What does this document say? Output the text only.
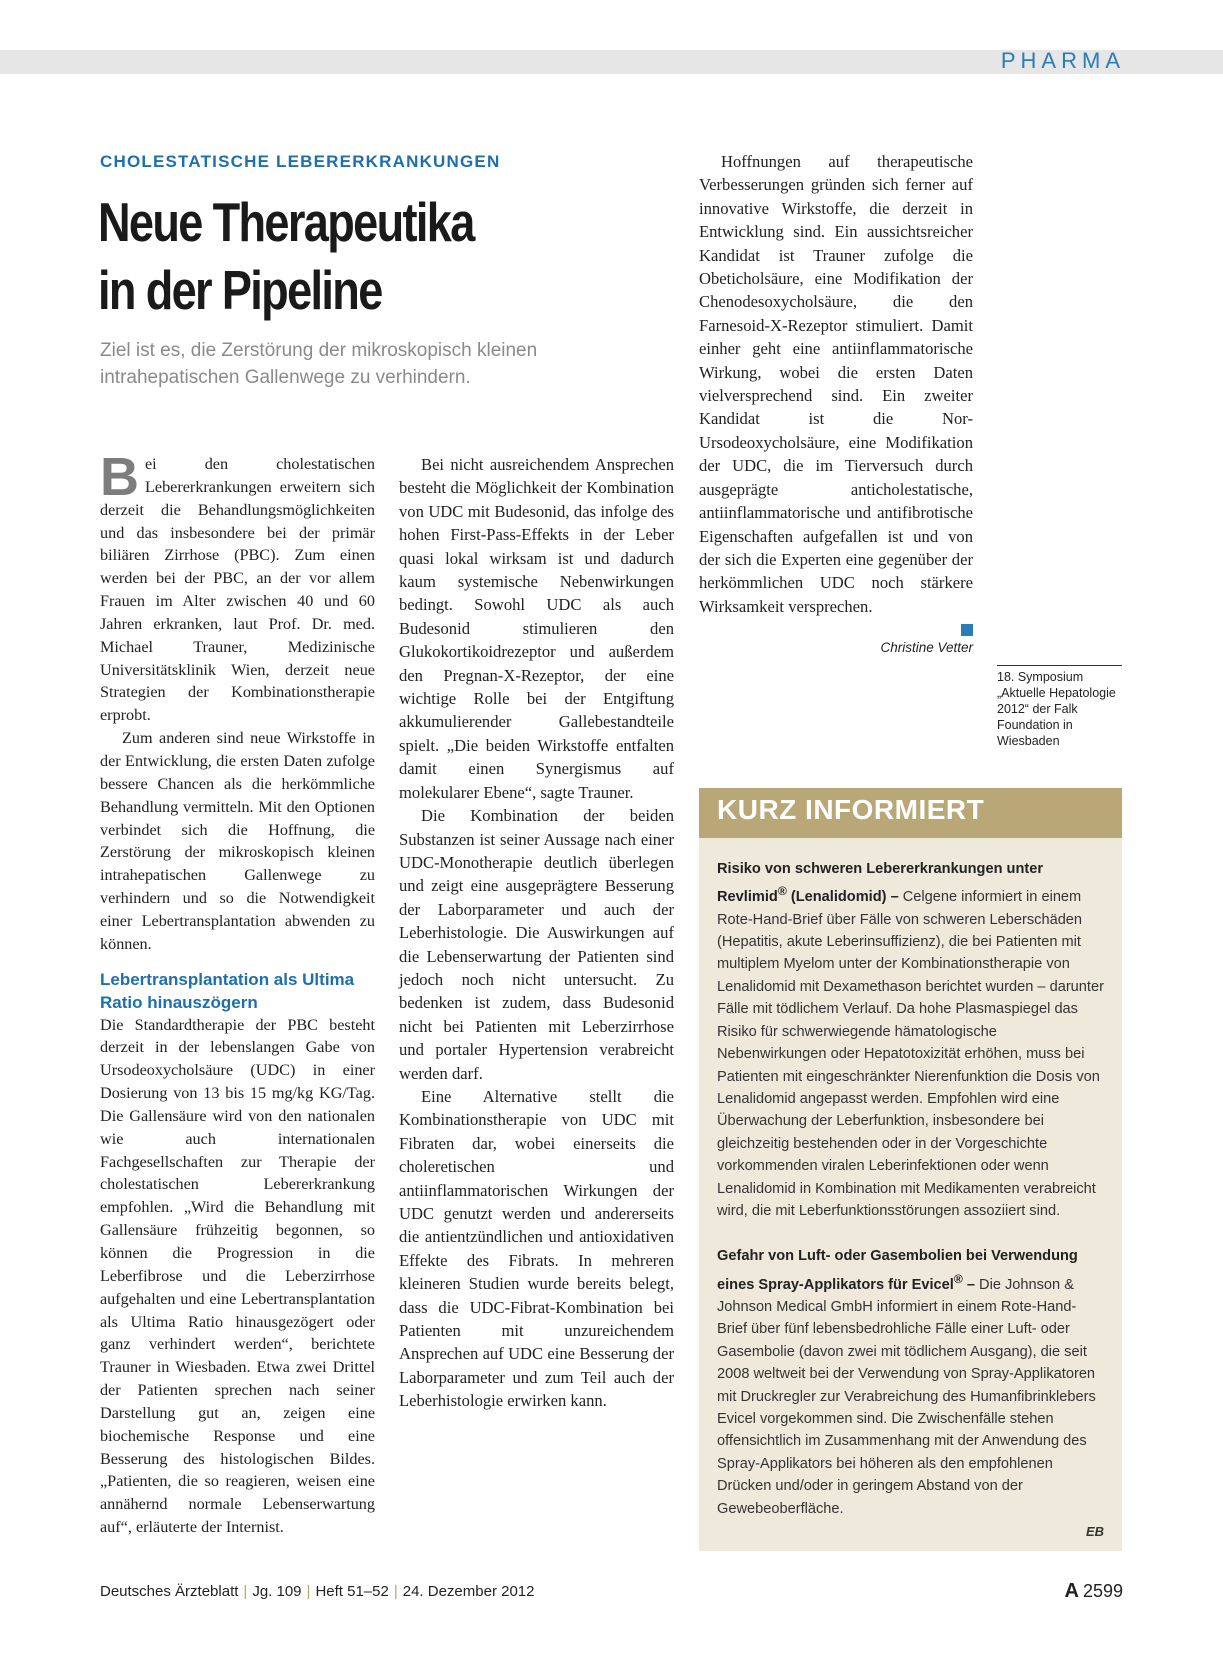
PHARMA
CHOLESTATISCHE LEBERERKRANKUNGEN
Neue Therapeutika
in der Pipeline
Ziel ist es, die Zerstörung der mikroskopisch kleinen intrahepatischen Gallenwege zu verhindern.

Bei den cholestatischen Lebererkrankungen erweitern sich derzeit die Behandlungsmöglichkeiten und das insbesondere bei der primär biliären Zirrhose (PBC). Zum einen werden bei der PBC, an der vor allem Frauen im Alter zwischen 40 und 60 Jahren erkranken, laut Prof. Dr. med. Michael Trauner, Medizinische Universitätsklinik Wien, derzeit neue Strategien der Kombinationstherapie erprobt.

Zum anderen sind neue Wirkstoffe in der Entwicklung, die ersten Daten zufolge bessere Chancen als die herkömmliche Behandlung vermitteln. Mit den Optionen verbindet sich die Hoffnung, die Zerstörung der mikroskopisch kleinen intrahepatischen Gallenwege zu verhindern und so die Notwendigkeit einer Lebertransplantation abwenden zu können.

Lebertransplantation als Ultima Ratio hinauszögern

Die Standardtherapie der PBC besteht derzeit in der lebenslangen Gabe von Ursodeoxycholsäure (UDC) in einer Dosierung von 13 bis 15 mg/kg KG/Tag. Die Gallensäure wird von den nationalen wie auch internationalen Fachgesellschaften zur Therapie der cholestatischen Lebererkrankung empfohlen. „Wird die Behandlung mit Gallensäure frühzeitig begonnen, so können die Progression in die Leberfibrose und die Leberzirrhose aufgehalten und eine Lebertransplantation als Ultima Ratio hinausgezögert oder ganz verhindert werden“, berichtete Trauner in Wiesbaden. Etwa zwei Drittel der Patienten sprechen nach seiner Darstellung gut an, zeigen eine biochemische Response und eine Besserung des histologischen Bildes. „Patienten, die so reagieren, weisen eine annähernd normale Lebenserwartung auf“, erläuterte der Internist.

Bei nicht ausreichendem Ansprechen besteht die Möglichkeit der Kombination von UDC mit Budesonid, das infolge des hohen First-Pass-Effekts in der Leber quasi lokal wirksam ist und dadurch kaum systemische Nebenwirkungen bedingt. Sowohl UDC als auch Budesonid stimulieren den Glukokortikoidrezeptor und außerdem den Pregnan-X-Rezeptor, der eine wichtige Rolle bei der Entgiftung akkumulierender Gallebestandteile spielt. „Die beiden Wirkstoffe entfalten damit einen Synergismus auf molekularer Ebene“, sagte Trauner.

Die Kombination der beiden Substanzen ist seiner Aussage nach einer UDC-Monotherapie deutlich überlegen und zeigt eine ausgeprägtere Besserung der Laborparameter und auch der Leberhistologie. Die Auswirkungen auf die Lebenserwartung der Patienten sind jedoch noch nicht untersucht. Zu bedenken ist zudem, dass Budesonid nicht bei Patienten mit Leberzirrhose und portaler Hypertension verabreicht werden darf.

Eine Alternative stellt die Kombinationstherapie von UDC mit Fibraten dar, wobei einerseits die choleretischen und antiinflammatorischen Wirkungen der UDC genutzt werden und andererseits die antientzündlichen und antioxidativen Effekte des Fibrats. In mehreren kleineren Studien wurde bereits belegt, dass die UDC-Fibrat-Kombination bei Patienten mit unzureichendem Ansprechen auf UDC eine Besserung der Laborparameter und zum Teil auch der Leberhistologie erwirken kann.

Hoffnungen auf therapeutische Verbesserungen gründen sich ferner auf innovative Wirkstoffe, die derzeit in Entwicklung sind. Ein aussichtsreicher Kandidat ist Trauner zufolge die Obeticholsäure, eine Modifikation der Chenodesoxycholsäure, die den Farnesoid-X-Rezeptor stimuliert. Damit einher geht eine antiinflammatorische Wirkung, wobei die ersten Daten vielversprechend sind. Ein zweiter Kandidat ist die Nor-Ursodeoxycholsäure, eine Modifikation der UDC, die im Tierversuch durch ausgeprägte anticholestatische, antiinflammatorische und antifibrotische Eigenschaften aufgefallen ist und von der sich die Experten eine gegenüber der herkömmlichen UDC noch stärkere Wirksamkeit versprechen.

Christine Vetter
18. Symposium „Aktuelle Hepatologie 2012“ der Falk Foundation in Wiesbaden
KURZ INFORMIERT
Risiko von schweren Lebererkrankungen unter Revlimid® (Lenalidomid) – Celgene informiert in einem Rote-Hand-Brief über Fälle von schweren Leberschäden (Hepatitis, akute Leberinsuffizienz), die bei Patienten mit multiplem Myelom unter der Kombinationstherapie von Lenalidomid mit Dexamethason berichtet wurden – darunter Fälle mit tödlichem Verlauf. Da hohe Plasmaspiegel das Risiko für schwerwiegende hämatologische Nebenwirkungen oder Hepatotoxizität erhöhen, muss bei Patienten mit eingeschränkter Nierenfunktion die Dosis von Lenalidomid angepasst werden. Empfohlen wird eine Überwachung der Leberfunktion, insbesondere bei gleichzeitig bestehenden oder in der Vorgeschichte vorkommenden viralen Leberinfektionen oder wenn Lenalidomid in Kombination mit Medikamenten verabreicht wird, die mit Leberfunktionsstörungen assoziiert sind.
Gefahr von Luft- oder Gasembolien bei Verwendung eines Spray-Applikators für Evicel® – Die Johnson & Johnson Medical GmbH informiert in einem Rote-Hand-Brief über fünf lebensbedrohliche Fälle einer Luft- oder Gasembolie (davon zwei mit tödlichem Ausgang), die seit 2008 weltweit bei der Verwendung von Spray-Applikatoren mit Druckregler zur Verabreichung des Humanfibrinklebers Evicel vorgekommen sind. Die Zwischenfälle stehen offensichtlich im Zusammenhang mit der Anwendung des Spray-Applikators bei höheren als den empfohlenen Drücken und/oder in geringem Abstand von der Gewebeoberfläche.
EB
Deutsches Ärzteblatt | Jg. 109 | Heft 51–52 | 24. Dezember 2012	A 2599
